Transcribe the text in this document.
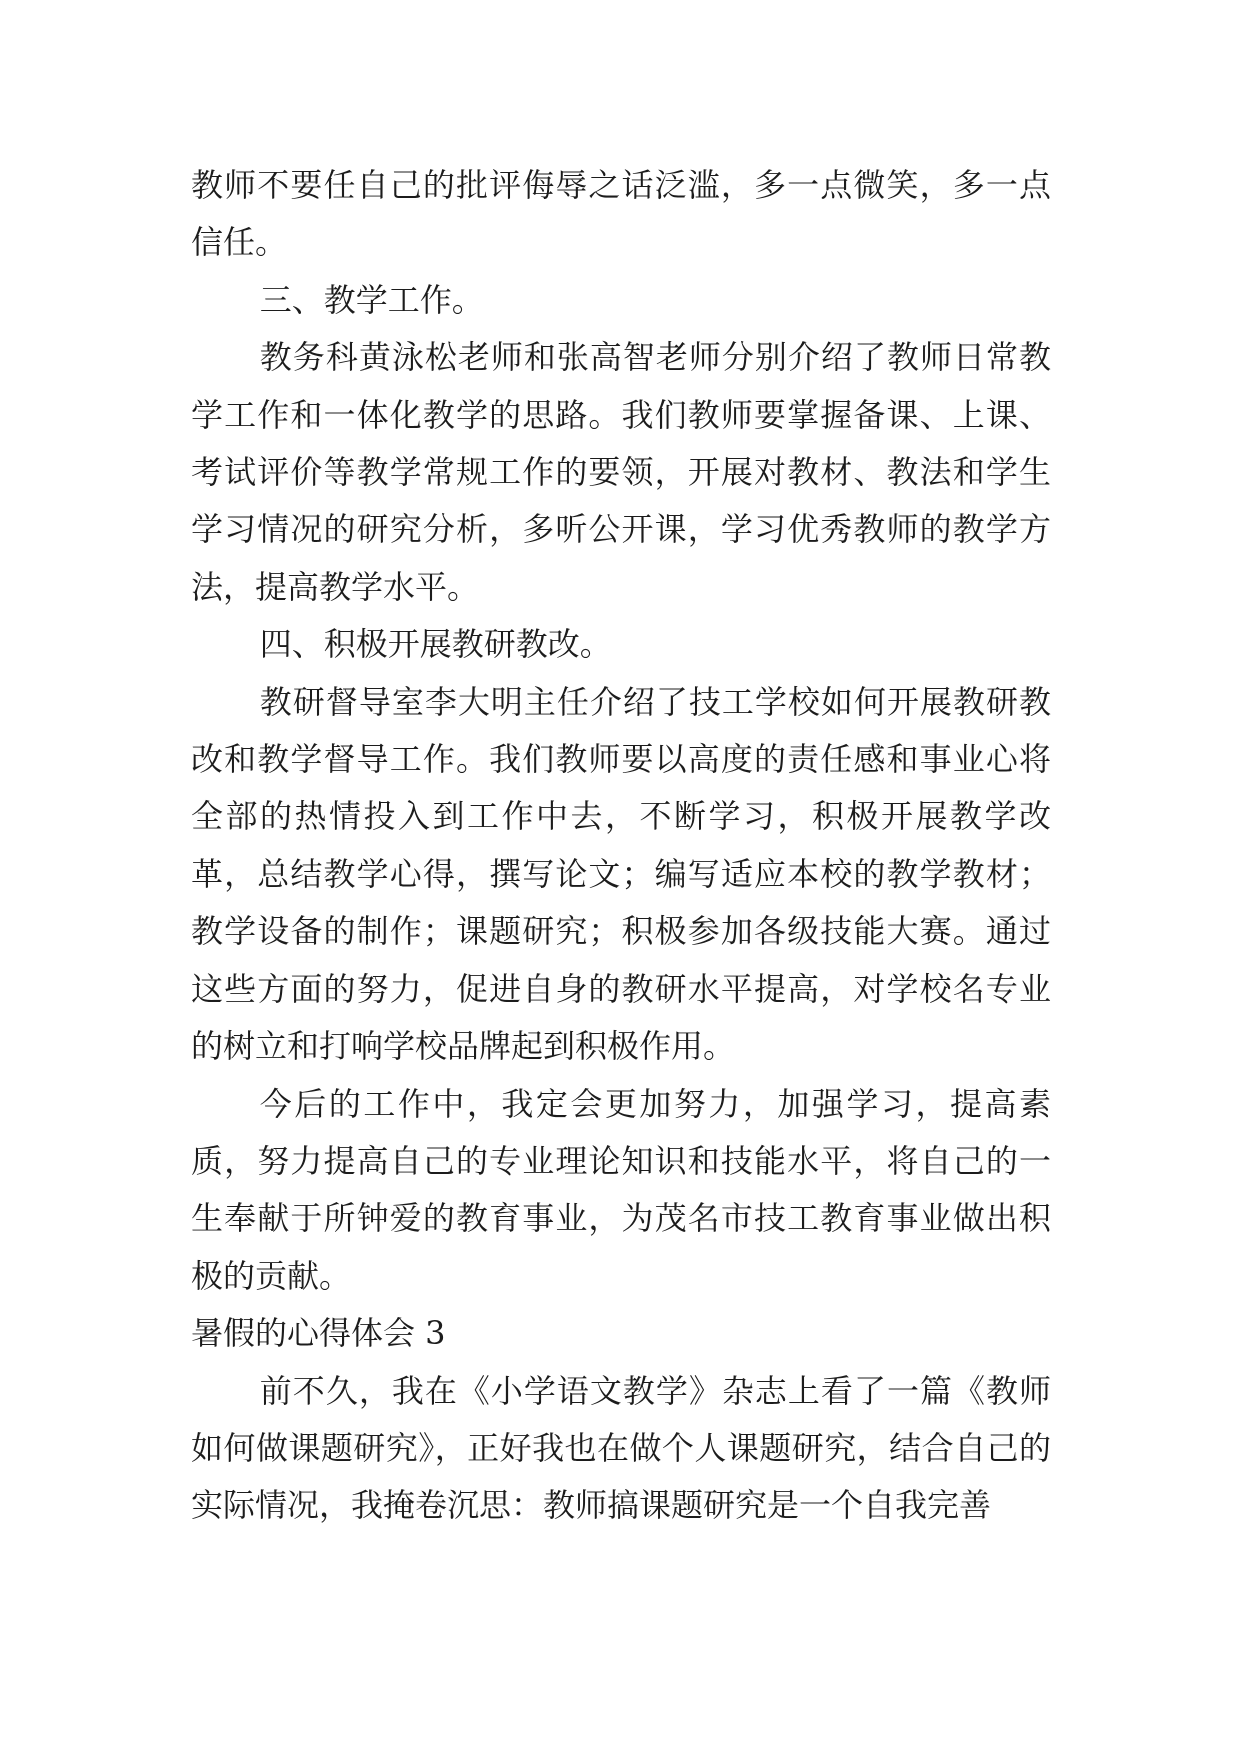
教师不要任自己的批评侮辱之话泛滥，多一点微笑，多一点信任。

三、教学工作。

教务科黄泳松老师和张高智老师分别介绍了教师日常教学工作和一体化教学的思路。我们教师要掌握备课、上课、考试评价等教学常规工作的要领，开展对教材、教法和学生学习情况的研究分析，多听公开课，学习优秀教师的教学方法，提高教学水平。

四、积极开展教研教改。

教研督导室李大明主任介绍了技工学校如何开展教研教改和教学督导工作。我们教师要以高度的责任感和事业心将全部的热情投入到工作中去，不断学习，积极开展教学改革，总结教学心得，撰写论文；编写适应本校的教学教材；教学设备的制作；课题研究；积极参加各级技能大赛。通过这些方面的努力，促进自身的教研水平提高，对学校名专业的树立和打响学校品牌起到积极作用。

今后的工作中，我定会更加努力，加强学习，提高素质，努力提高自己的专业理论知识和技能水平，将自己的一生奉献于所钟爱的教育事业，为茂名市技工教育事业做出积极的贡献。

暑假的心得体会 3

前不久，我在《小学语文教学》杂志上看了一篇《教师如何做课题研究》，正好我也在做个人课题研究，结合自己的实际情况，我掩卷沉思：教师搞课题研究是一个自我完善
